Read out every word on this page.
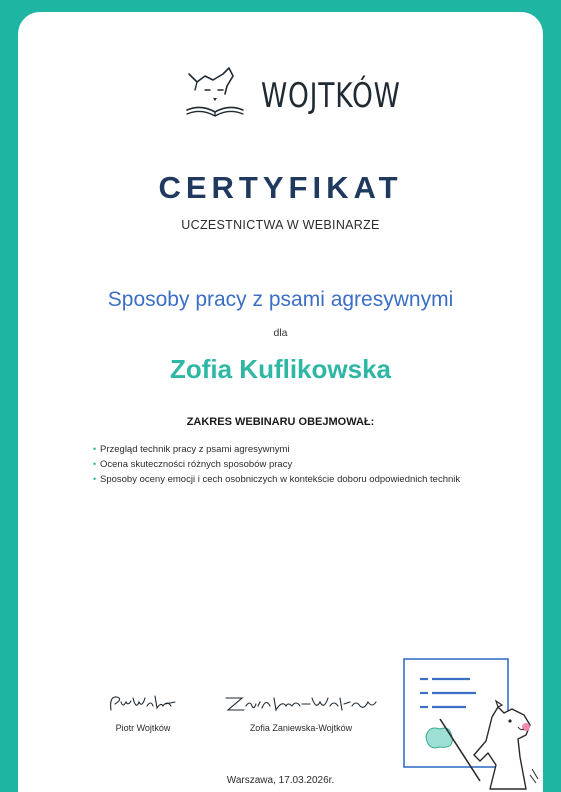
WOJTKÓW
CERTYFIKAT
UCZESTNICTWA W WEBINARZE
Sposoby pracy z psami agresywnymi
dla
Zofia Kuflikowska
ZAKRES WEBINARU OBEJMOWAŁ:
• Przegląd technik pracy z psami agresywnymi
• Ocena skuteczności różnych sposobów pracy
• Sposoby oceny emocji i cech osobniczych w kontekście doboru odpowiednich technik
Piotr Wojtków	Zofia Zaniewska-Wojtków
Warszawa, 17.03.2026r.
